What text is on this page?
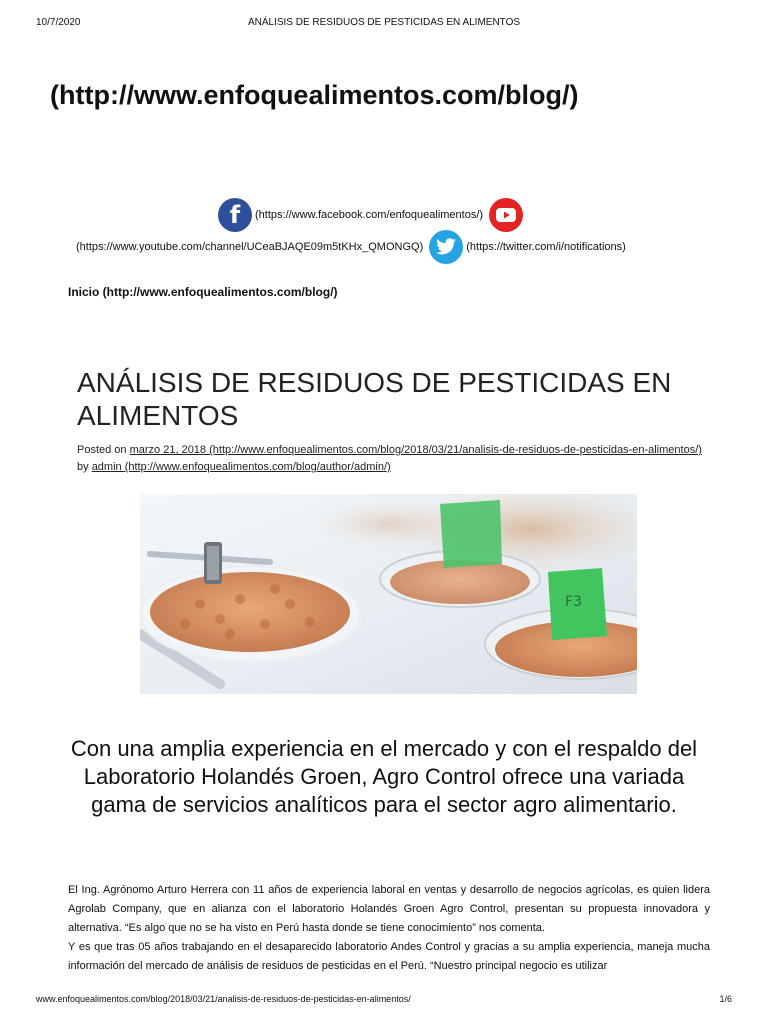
10/7/2020	ANÁLISIS DE RESIDUOS DE PESTICIDAS EN ALIMENTOS
(http://www.enfoquealimentos.com/blog/)
f (https://www.facebook.com/enfoquealimentos/)
(https://www.youtube.com/channel/UCeaBJAQE09m5tKHx_QMONGQ)	(https://twitter.com/i/notifications)
Inicio (http://www.enfoquealimentos.com/blog/)
ANÁLISIS DE RESIDUOS DE PESTICIDAS EN ALIMENTOS
Posted on marzo 21, 2018 (http://www.enfoquealimentos.com/blog/2018/03/21/analisis-de-residuos-de-pesticidas-en-alimentos/) by admin (http://www.enfoquealimentos.com/blog/author/admin/)
F3
Con una amplia experiencia en el mercado y con el respaldo del Laboratorio Holandés Groen, Agro Control ofrece una variada gama de servicios analíticos para el sector agro alimentario.

El Ing. Agrónomo Arturo Herrera con 11 años de experiencia laboral en ventas y desarrollo de negocios agrícolas, es quien lidera Agrolab Company, que en alianza con el laboratorio Holandés Groen Agro Control, presentan su propuesta innovadora y alternativa. “Es algo que no se ha visto en Perú hasta donde se tiene conocimiento” nos comenta.

Y es que tras 05 años trabajando en el desaparecido laboratorio Andes Control y gracias a su amplia experiencia, maneja mucha información del mercado de análisis de residuos de pesticidas en el Perú. “Nuestro principal negocio es utilizar

www.enfoquealimentos.com/blog/2018/03/21/analisis-de-residuos-de-pesticidas-en-alimentos/	1/6
